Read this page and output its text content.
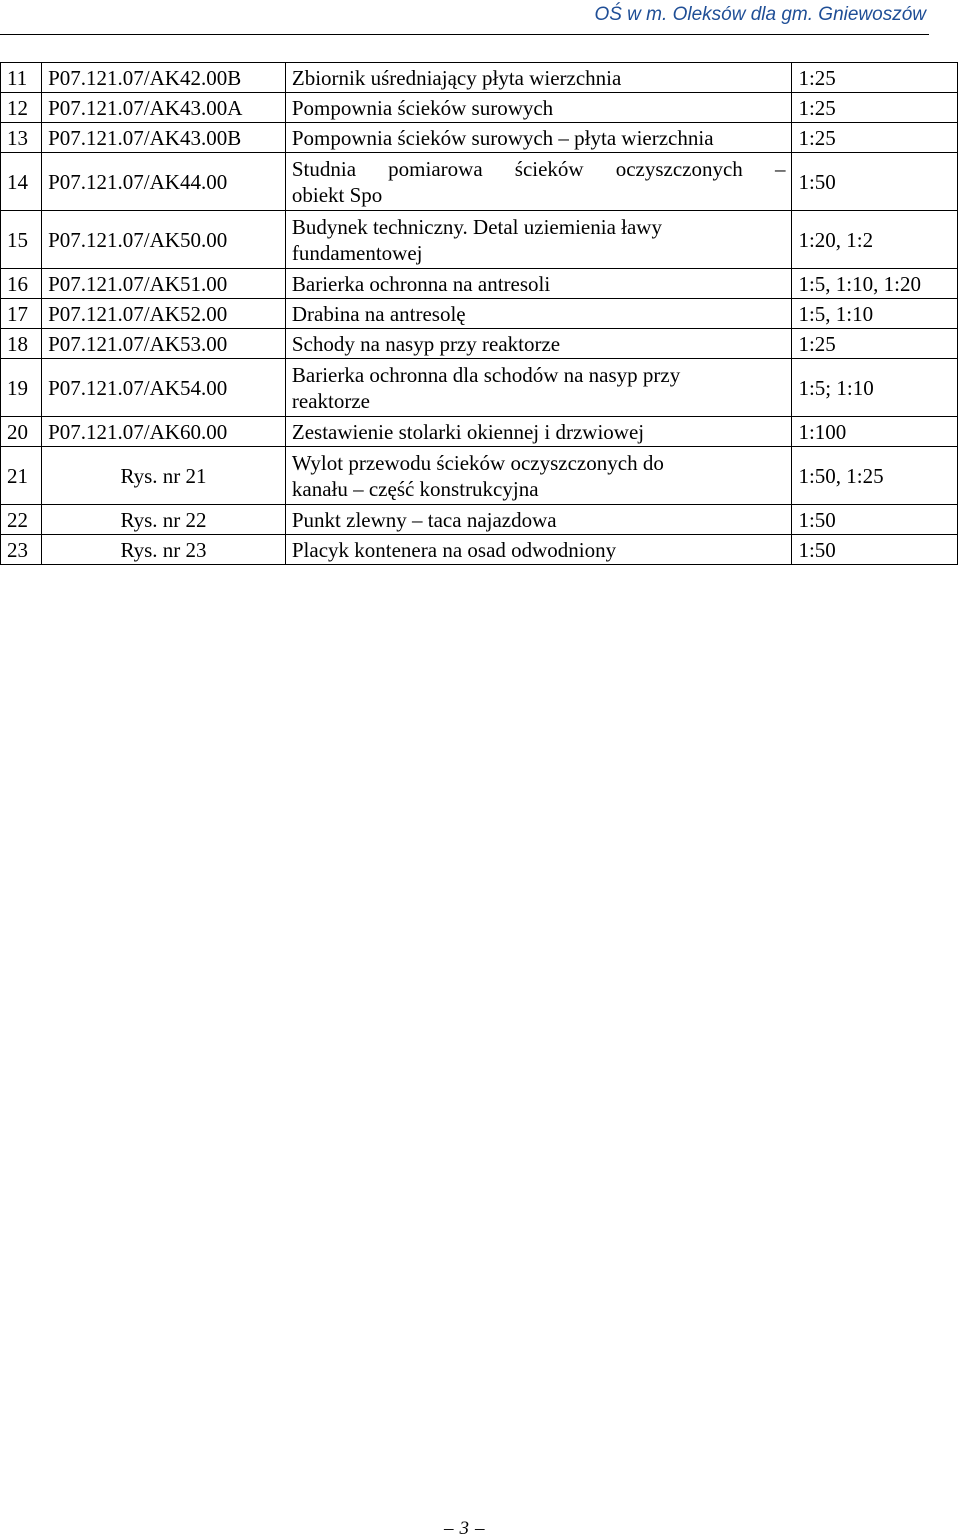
OŚ w m. Oleksów dla gm. Gniewoszów
11	P07.121.07/AK42.00B	Zbiornik uśredniający płyta wierzchnia	1:25
12	P07.121.07/AK43.00A	Pompownia ścieków surowych	1:25
13	P07.121.07/AK43.00B	Pompownia ścieków surowych – płyta wierzchnia	1:25
14	P07.121.07/AK44.00	Studnia pomiarowa ścieków oczyszczonych –
obiekt Spo	1:50
15	P07.121.07/AK50.00	Budynek techniczny. Detal uziemienia ławy
fundamentowej	1:20, 1:2
16	P07.121.07/AK51.00	Barierka ochronna na antresoli	1:5, 1:10, 1:20
17	P07.121.07/AK52.00	Drabina na antresolę	1:5, 1:10
18	P07.121.07/AK53.00	Schody na nasyp przy reaktorze	1:25
19	P07.121.07/AK54.00	Barierka ochronna dla schodów na nasyp przy
reaktorze	1:5; 1:10
20	P07.121.07/AK60.00	Zestawienie stolarki okiennej i drzwiowej	1:100
21	Rys. nr 21	Wylot przewodu ścieków oczyszczonych do
kanału – część konstrukcyjna	1:50, 1:25
22	Rys. nr 22	Punkt zlewny – taca najazdowa	1:50
23	Rys. nr 23	Placyk kontenera na osad odwodniony	1:50
– 3 –
